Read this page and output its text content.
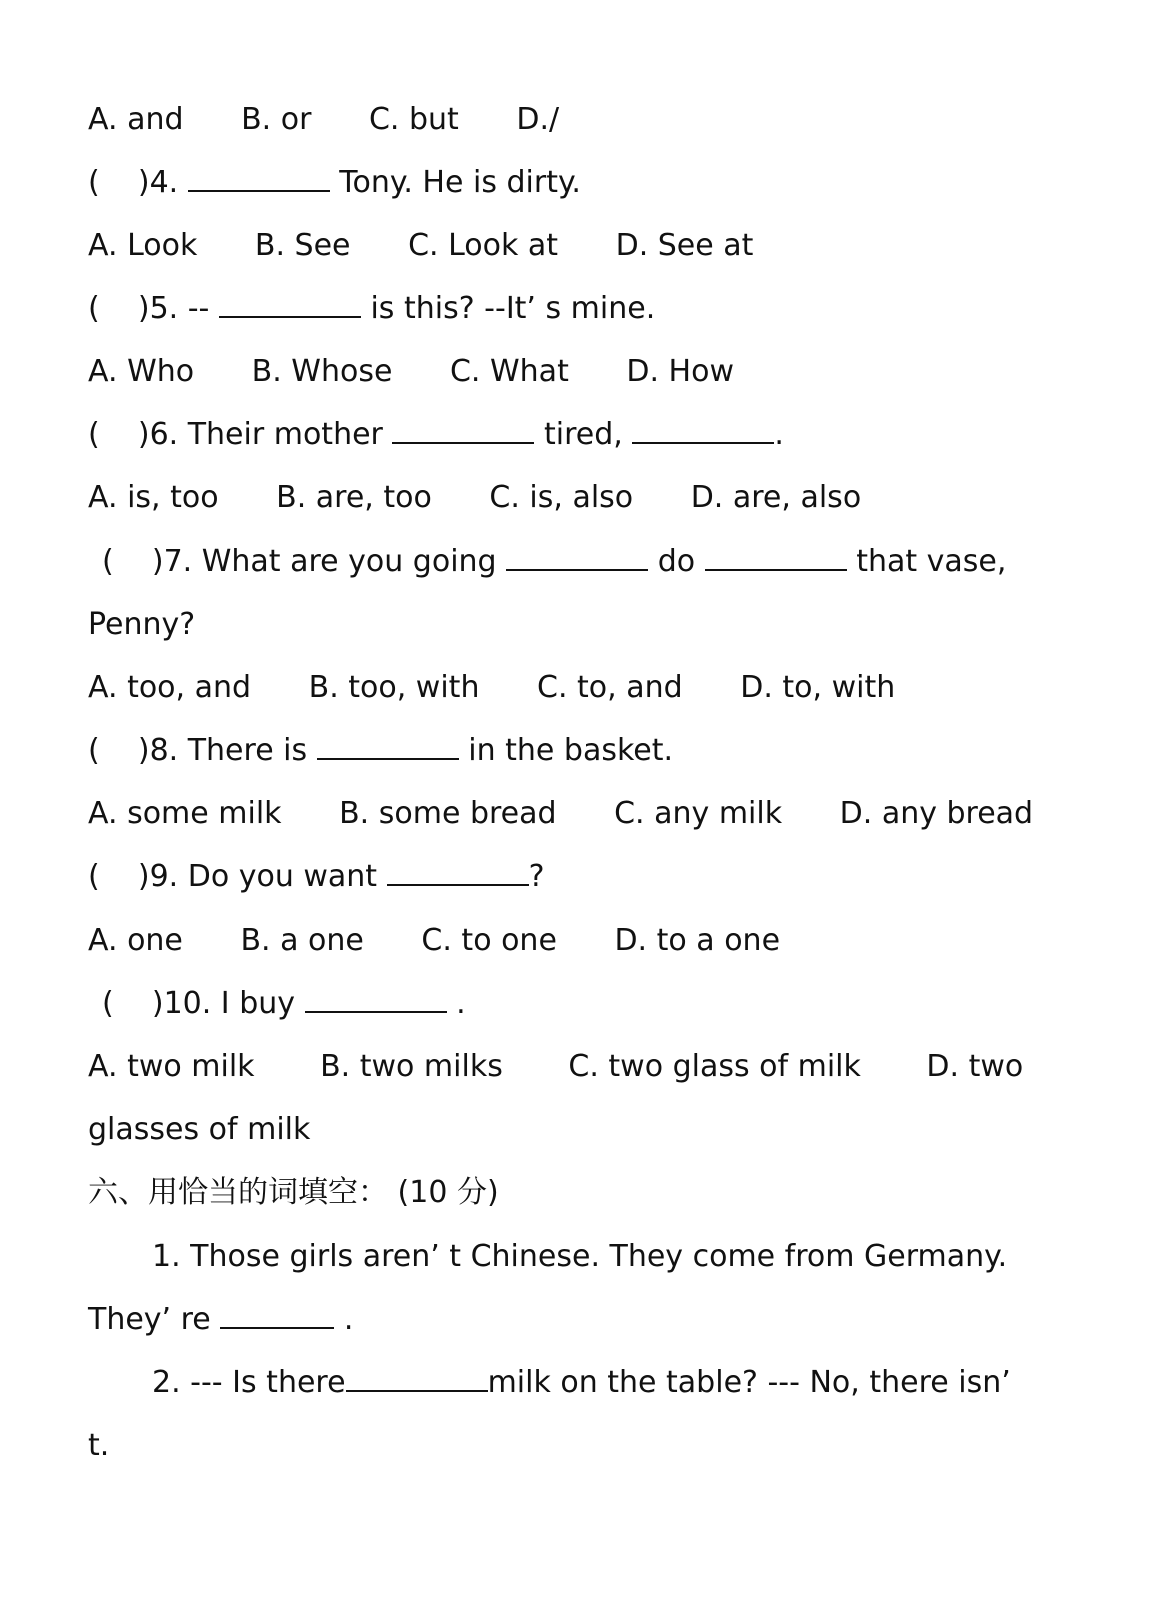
A. and B. or C. but D./
(    )4.	Tony. He is dirty.
A. Look B. See C. Look at D. See at
(    )5. --	is this? --It’ s mine.
A. Who B. Whose C. What D. How
(    )6. Their mother	tired,	.
A. is, too B. are, too C. is, also D. are, also
(    )7. What are you going	do	that vase,
Penny?
A. too, and B. too, with C. to, and D. to, with
(    )8. There is	in the basket.
A. some milk B. some bread C. any milk D. any bread
(    )9. Do you want	?
A. one B. a one C. to one D. to a one
(    )10. I buy	.
A. two milk B. two milks C. two glass of milk D. two
glasses of milk
六、用恰当的词填空： (10 分)
1. Those girls aren’ t Chinese. They come from Germany.
They’ re	.
2. --- Is there	milk on the table? --- No, there isn’
t.
